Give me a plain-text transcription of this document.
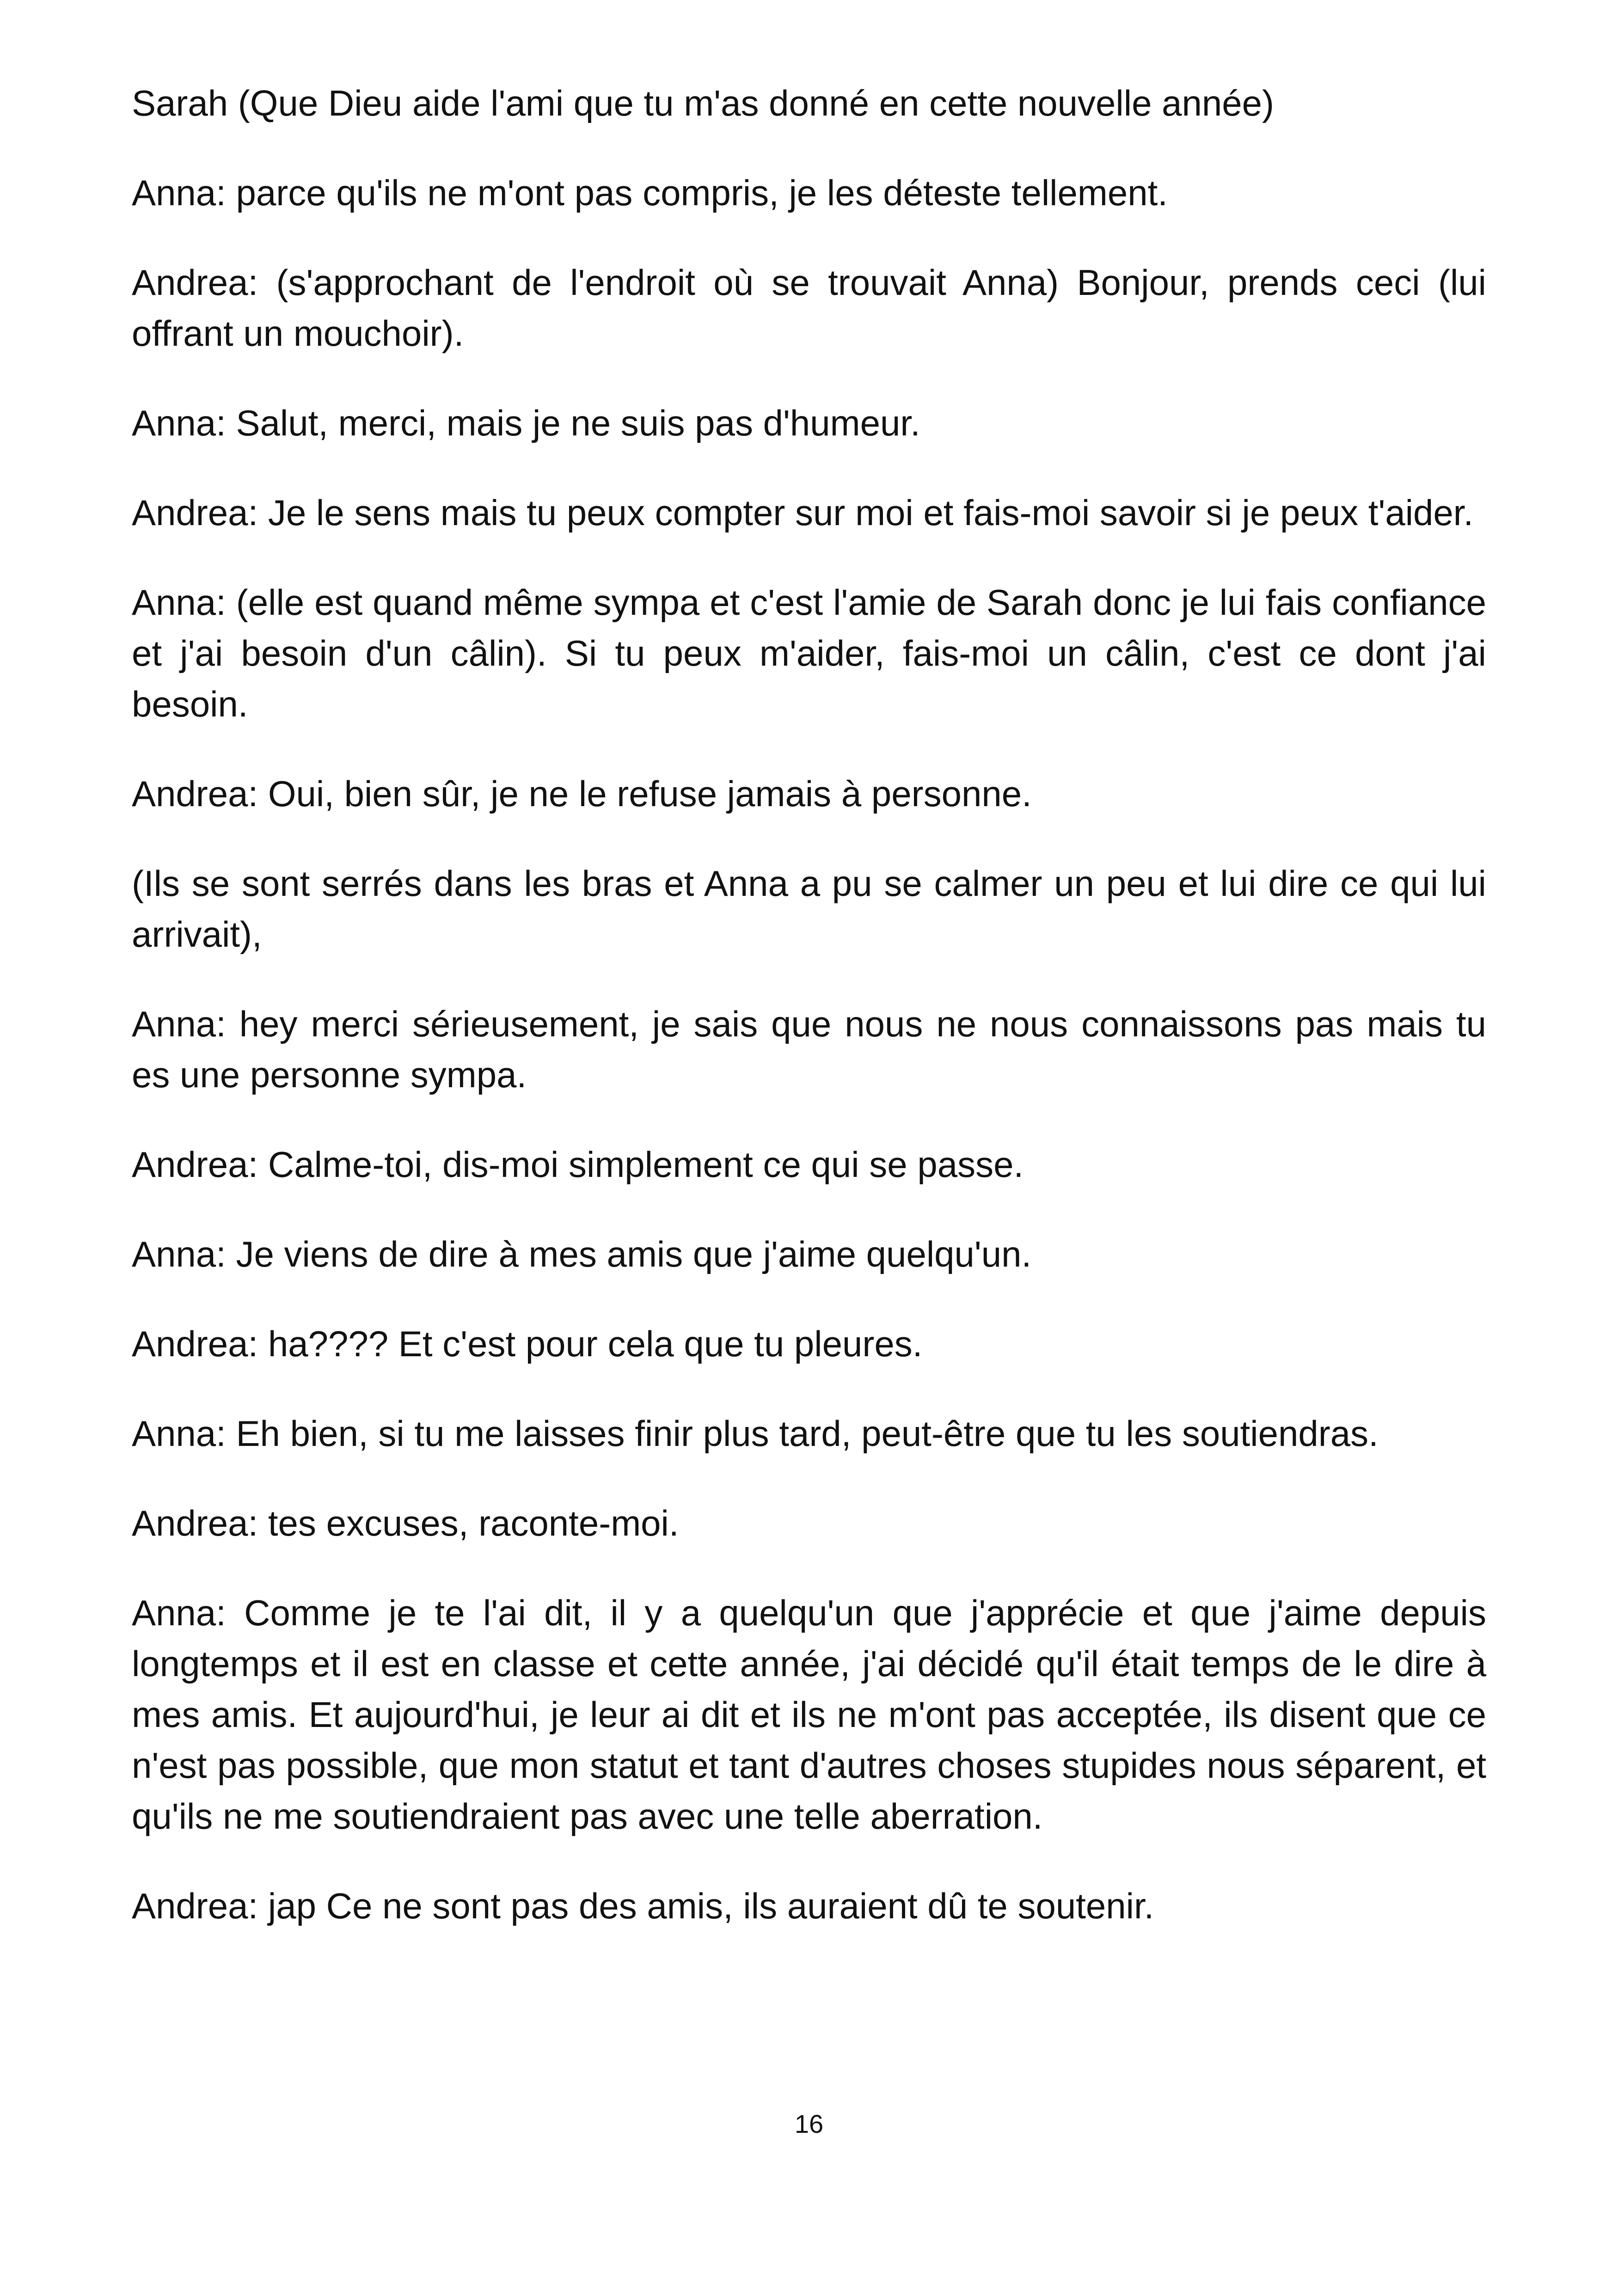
Sarah (Que Dieu aide l'ami que tu m'as donné en cette nouvelle année)

Anna: parce qu'ils ne m'ont pas compris, je les déteste tellement.

Andrea: (s'approchant de l'endroit où se trouvait Anna) Bonjour, prends ceci (lui offrant un mouchoir).

Anna: Salut, merci, mais je ne suis pas d'humeur.

Andrea: Je le sens mais tu peux compter sur moi et fais-moi savoir si je peux t'aider.

Anna: (elle est quand même sympa et c'est l'amie de Sarah donc je lui fais confiance et j'ai besoin d'un câlin). Si tu peux m'aider, fais-moi un câlin, c'est ce dont j'ai besoin.

Andrea: Oui, bien sûr, je ne le refuse jamais à personne.

(Ils se sont serrés dans les bras et Anna a pu se calmer un peu et lui dire ce qui lui arrivait),

Anna: hey merci sérieusement, je sais que nous ne nous connaissons pas mais tu es une personne sympa.

Andrea: Calme-toi, dis-moi simplement ce qui se passe.

Anna: Je viens de dire à mes amis que j'aime quelqu'un.

Andrea: ha???? Et c'est pour cela que tu pleures.

Anna: Eh bien, si tu me laisses finir plus tard, peut-être que tu les soutiendras.

Andrea: tes excuses, raconte-moi.

Anna: Comme je te l'ai dit, il y a quelqu'un que j'apprécie et que j'aime depuis longtemps et il est en classe et cette année, j'ai décidé qu'il était temps de le dire à mes amis. Et aujourd'hui, je leur ai dit et ils ne m'ont pas acceptée, ils disent que ce n'est pas possible, que mon statut et tant d'autres choses stupides nous séparent, et qu'ils ne me soutiendraient pas avec une telle aberration.

Andrea: jap Ce ne sont pas des amis, ils auraient dû te soutenir.

16
